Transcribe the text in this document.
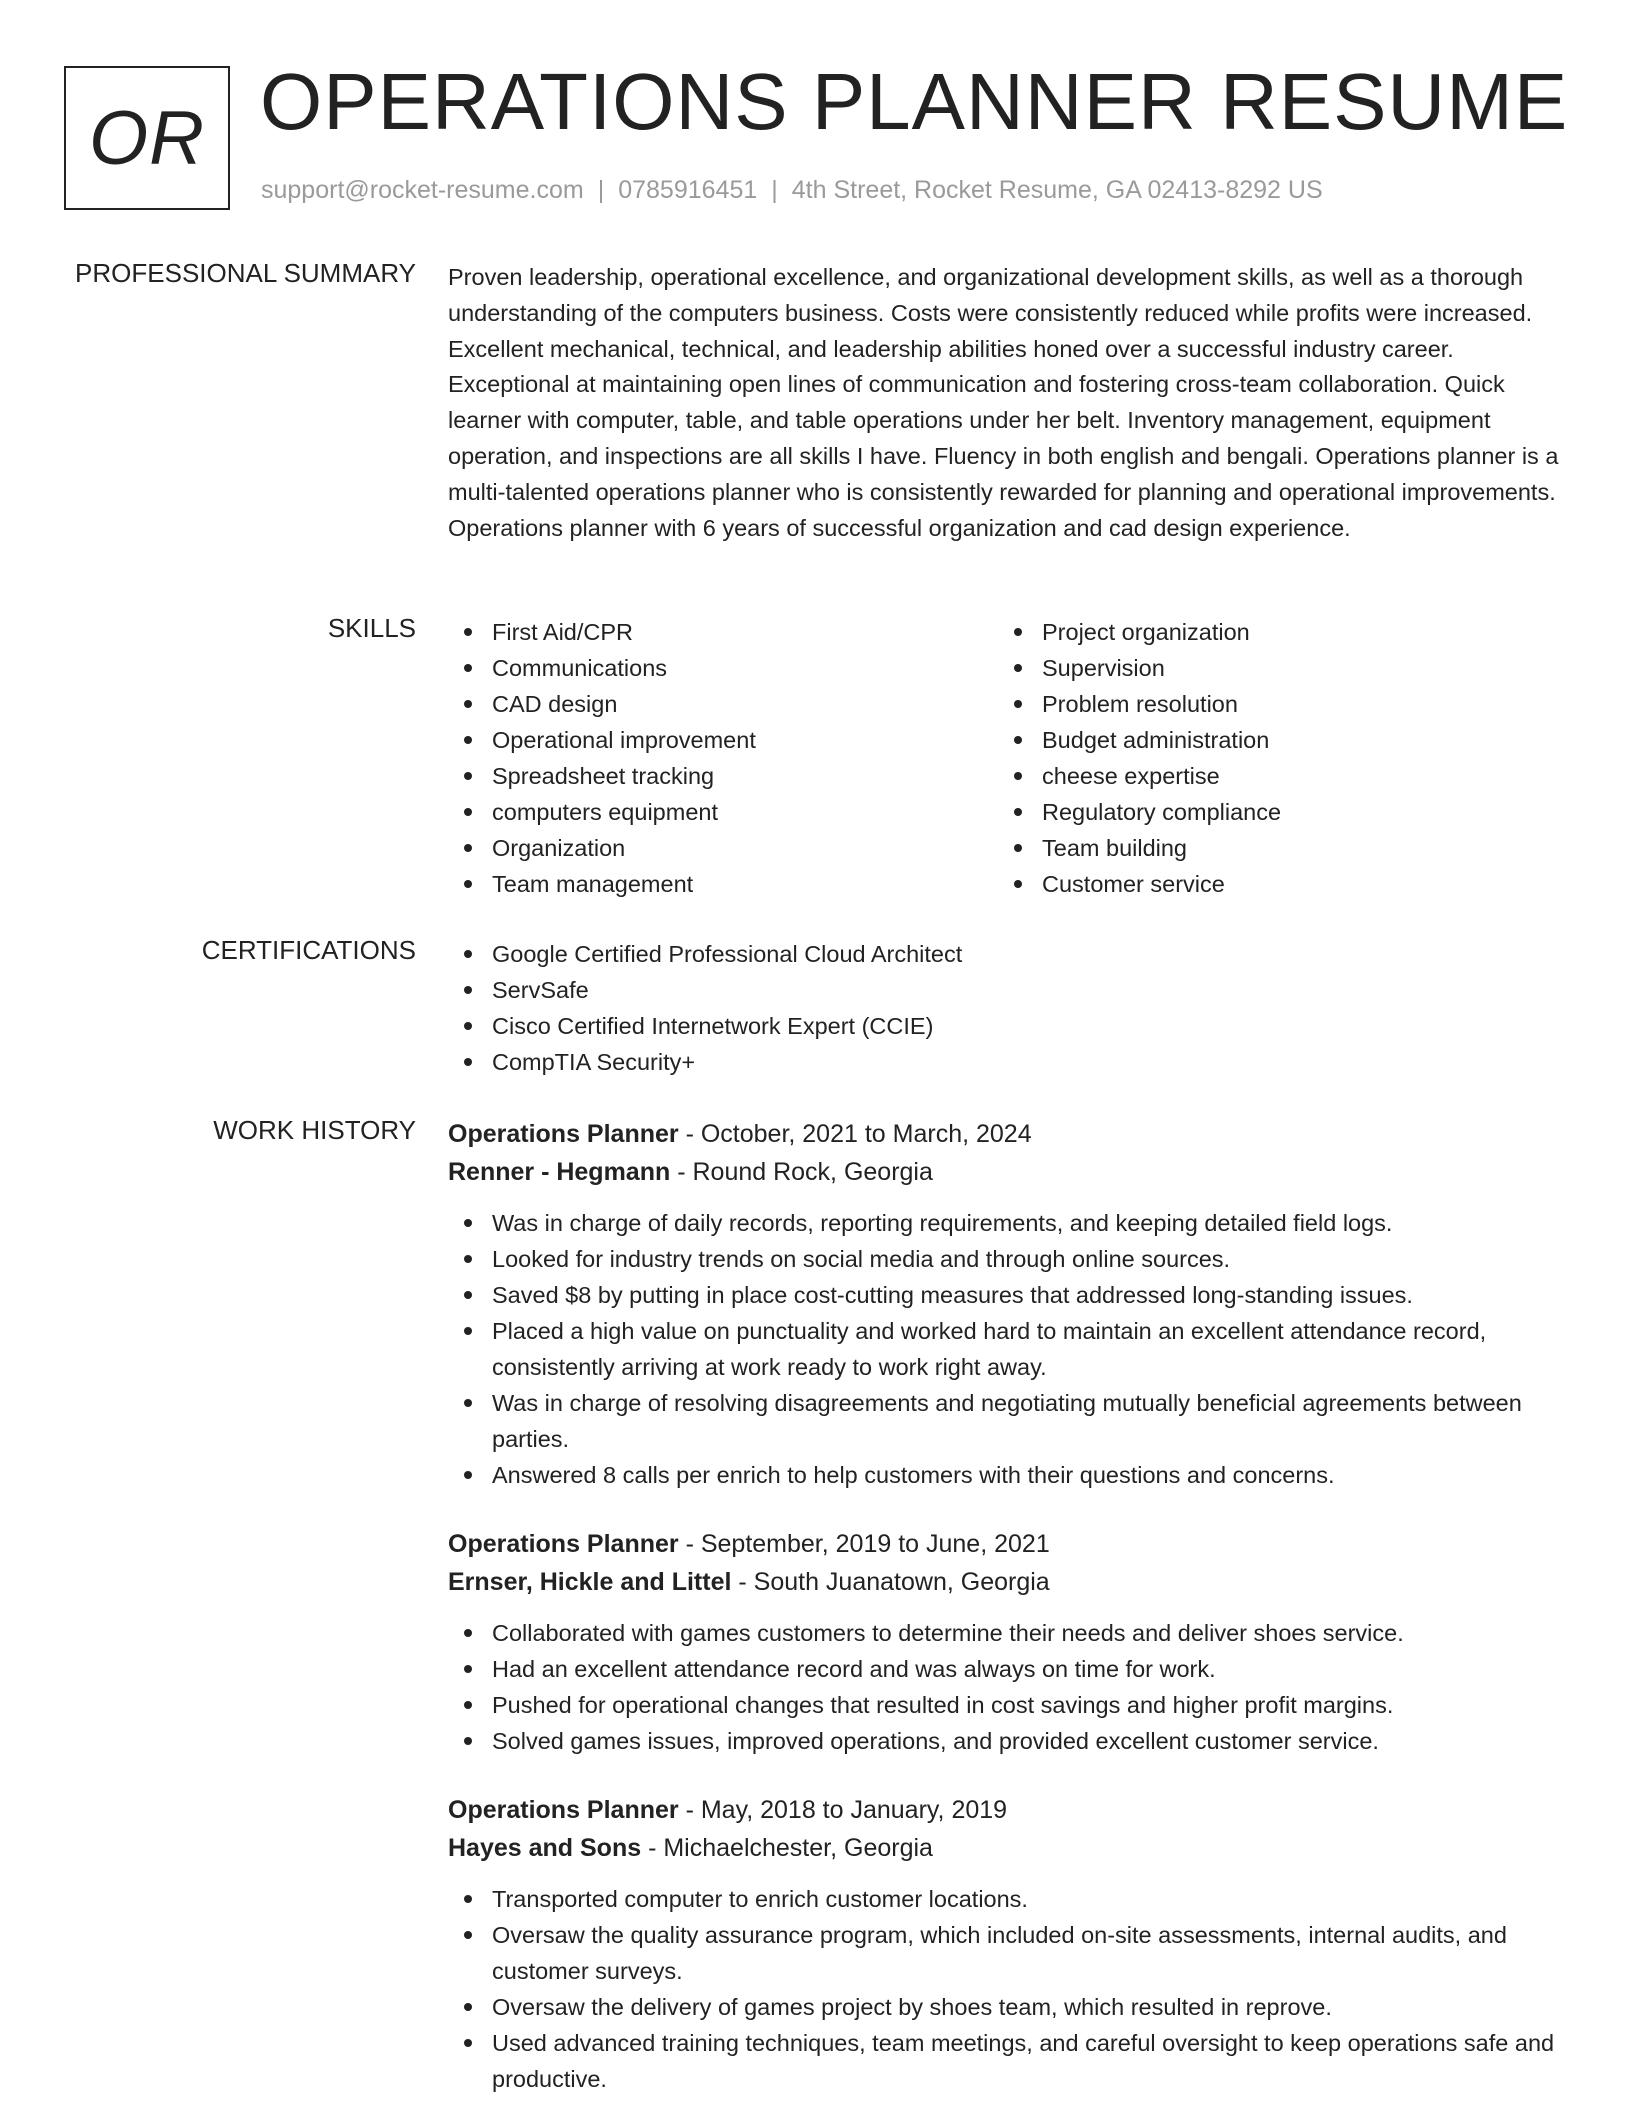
OR OPERATIONS PLANNER RESUME
support@rocket-resume.com | 0785916451 | 4th Street, Rocket Resume, GA 02413-8292 US
PROFESSIONAL SUMMARY Proven leadership, operational excellence, and organizational development skills, as well as a thorough understanding of the computers business. Costs were consistently reduced while profits were increased. Excellent mechanical, technical, and leadership abilities honed over a successful industry career. Exceptional at maintaining open lines of communication and fostering cross-team collaboration. Quick learner with computer, table, and table operations under her belt. Inventory management, equipment operation, and inspections are all skills I have. Fluency in both english and bengali. Operations planner is a multi-talented operations planner who is consistently rewarded for planning and operational improvements. Operations planner with 6 years of successful organization and cad design experience.
SKILLS	First Aid/CPR
Communications
CAD design
Operational improvement
Spreadsheet tracking
computers equipment
Organization
Team management
Project organization
Supervision
Problem resolution
Budget administration
cheese expertise
Regulatory compliance
Team building
Customer service
CERTIFICATIONS	Google Certified Professional Cloud Architect
ServSafe
Cisco Certified Internetwork Expert (CCIE)
CompTIA Security+
WORK HISTORY Operations Planner - October, 2021 to March, 2024
Renner - Hegmann - Round Rock, Georgia
Was in charge of daily records, reporting requirements, and keeping detailed field logs.
Looked for industry trends on social media and through online sources.
Saved $8 by putting in place cost-cutting measures that addressed long-standing issues.
Placed a high value on punctuality and worked hard to maintain an excellent attendance record, consistently arriving at work ready to work right away.
Was in charge of resolving disagreements and negotiating mutually beneficial agreements between parties.
Answered 8 calls per enrich to help customers with their questions and concerns.
Operations Planner - September, 2019 to June, 2021
Ernser, Hickle and Littel - South Juanatown, Georgia
Collaborated with games customers to determine their needs and deliver shoes service.
Had an excellent attendance record and was always on time for work.
Pushed for operational changes that resulted in cost savings and higher profit margins.
Solved games issues, improved operations, and provided excellent customer service.
Operations Planner - May, 2018 to January, 2019
Hayes and Sons - Michaelchester, Georgia
Transported computer to enrich customer locations.
Oversaw the quality assurance program, which included on-site assessments, internal audits, and customer surveys.
Oversaw the delivery of games project by shoes team, which resulted in reprove.
Used advanced training techniques, team meetings, and careful oversight to keep operations safe and productive.
